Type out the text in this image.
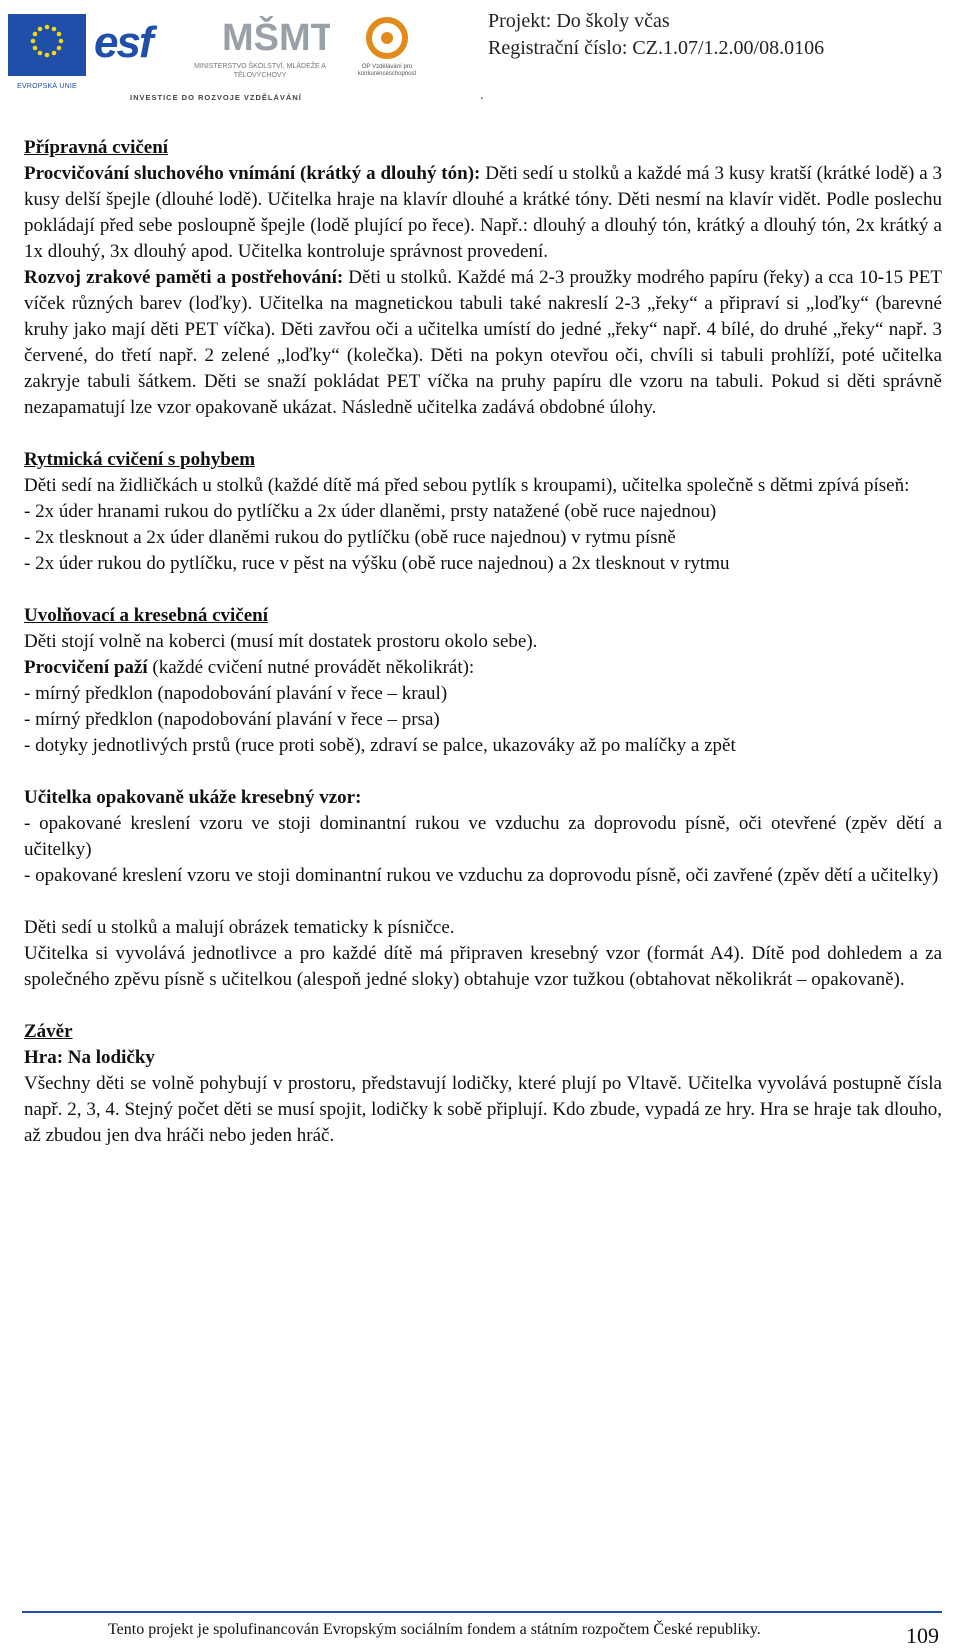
EVROPSKÁ UNIE
esf MŠMT
MINISTERSTVO ŠKOLSTVÍ, MLÁDEŽE A TĚLOVÝCHOVY
OP Vzdělávání pro konkurenceschopnost
INVESTICE DO ROZVOJE VZDĚLÁVÁNÍ
Projekt: Do školy včas
Registrační číslo: CZ.1.07/1.2.00/08.0106
.

Přípravná cvičení

Procvičování sluchového vnímání (krátký a dlouhý tón): Děti sedí u stolků a každé má 3 kusy kratší (krátké lodě) a 3 kusy delší špejle (dlouhé lodě). Učitelka hraje na klavír dlouhé a krátké tóny. Děti nesmí na klavír vidět. Podle poslechu pokládají před sebe posloupně špejle (lodě plující po řece). Např.: dlouhý a dlouhý tón, krátký a dlouhý tón, 2x krátký a 1x dlouhý, 3x dlouhý apod. Učitelka kontroluje správnost provedení.

Rozvoj zrakové paměti a postřehování: Děti u stolků. Každé má 2-3 proužky modrého papíru (řeky) a cca 10-15 PET víček různých barev (loďky). Učitelka na magnetickou tabuli také nakreslí 2-3 „řeky“ a připraví si „loďky“ (barevné kruhy jako mají děti PET víčka). Děti zavřou oči a učitelka umístí do jedné „řeky“ např. 4 bílé, do druhé „řeky“ např. 3 červené, do třetí např. 2 zelené „loďky“ (kolečka). Děti na pokyn otevřou oči, chvíli si tabuli prohlíží, poté učitelka zakryje tabuli šátkem. Děti se snaží pokládat PET víčka na pruhy papíru dle vzoru na tabuli. Pokud si děti správně nezapamatují lze vzor opakovaně ukázat. Následně učitelka zadává obdobné úlohy.

Rytmická cvičení s pohybem

Děti sedí na židličkách u stolků (každé dítě má před sebou pytlík s kroupami), učitelka společně s dětmi zpívá píseň:

- 2x úder hranami rukou do pytlíčku a 2x úder dlaněmi, prsty natažené (obě ruce najednou)

- 2x tlesknout a 2x úder dlaněmi rukou do pytlíčku (obě ruce najednou) v rytmu písně

- 2x úder rukou do pytlíčku, ruce v pěst na výšku (obě ruce najednou) a 2x tlesknout v rytmu

Uvolňovací a kresebná cvičení

Děti stojí volně na koberci (musí mít dostatek prostoru okolo sebe).

Procvičení paží (každé cvičení nutné provádět několikrát):

- mírný předklon (napodobování plavání v řece – kraul)

- mírný předklon (napodobování plavání v řece – prsa)

- dotyky jednotlivých prstů (ruce proti sobě), zdraví se palce, ukazováky až po malíčky a zpět

Učitelka opakovaně ukáže kresebný vzor:

- opakované kreslení vzoru ve stoji dominantní rukou ve vzduchu za doprovodu písně, oči otevřené (zpěv dětí a učitelky)

- opakované kreslení vzoru ve stoji dominantní rukou ve vzduchu za doprovodu písně, oči zavřené (zpěv dětí a učitelky)

Děti sedí u stolků a malují obrázek tematicky k písničce.

Učitelka si vyvolává jednotlivce a pro každé dítě má připraven kresebný vzor (formát A4). Dítě pod dohledem a za společného zpěvu písně s učitelkou (alespoň jedné sloky) obtahuje vzor tužkou (obtahovat několikrát – opakovaně).

Závěr

Hra: Na lodičky

Všechny děti se volně pohybují v prostoru, představují lodičky, které plují po Vltavě. Učitelka vyvolává postupně čísla např. 2, 3, 4. Stejný počet děti se musí spojit, lodičky k sobě připlují. Kdo zbude, vypadá ze hry. Hra se hraje tak dlouho, až zbudou jen dva hráči nebo jeden hráč.

Tento projekt je spolufinancován Evropským sociálním fondem a státním rozpočtem České republiky.	109
